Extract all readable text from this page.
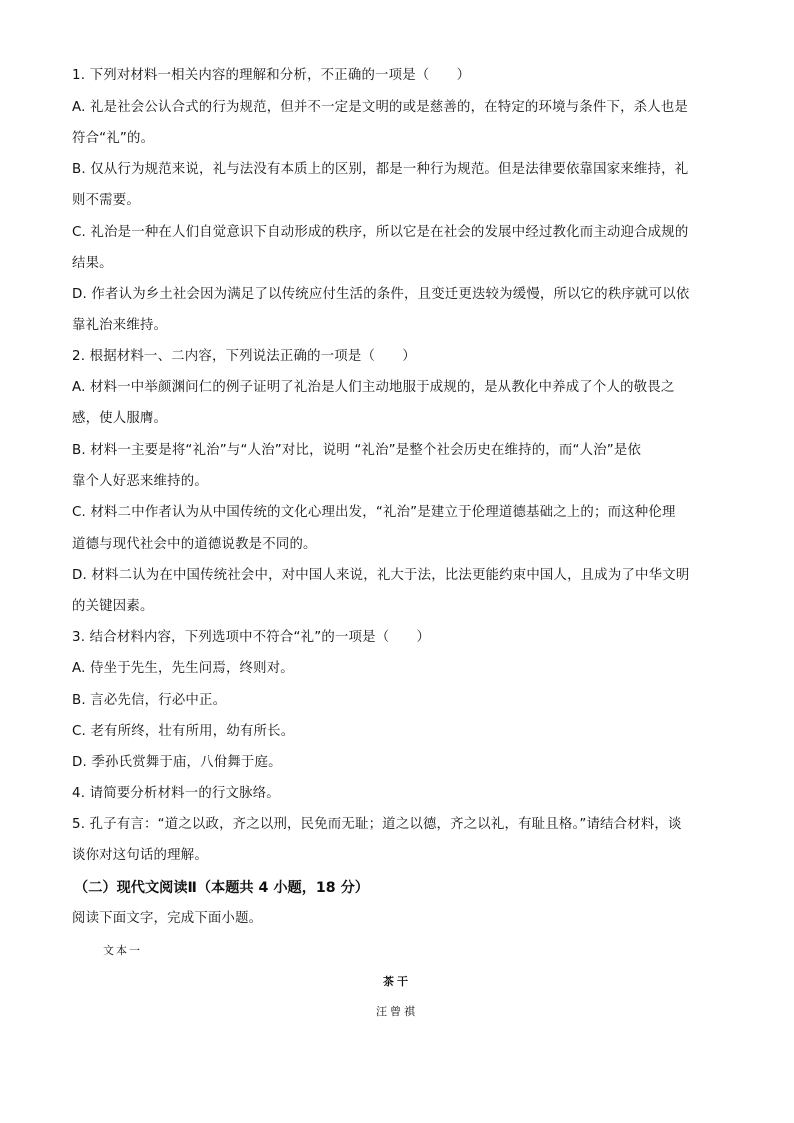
1. 下列对材料一相关内容的理解和分析，不正确的一项是（　　）
A. 礼是社会公认合式的行为规范，但并不一定是文明的或是慈善的，在特定的环境与条件下，杀人也是
符合“礼”的。
B. 仅从行为规范来说，礼与法没有本质上的区别，都是一种行为规范。但是法律要依靠国家来维持，礼
则不需要。
C. 礼治是一种在人们自觉意识下自动形成的秩序，所以它是在社会的发展中经过教化而主动迎合成规的
结果。
D. 作者认为乡土社会因为满足了以传统应付生活的条件，且变迁更迭较为缓慢，所以它的秩序就可以依
靠礼治来维持。
2. 根据材料一、二内容，下列说法正确的一项是（　　）
A. 材料一中举颜渊问仁的例子证明了礼治是人们主动地服于成规的，是从教化中养成了个人的敬畏之
感，使人服膺。
B. 材料一主要是将“礼治”与“人治”对比，说明 “礼治”是整个社会历史在维持的，而“人治”是依
靠个人好恶来维持的。
C. 材料二中作者认为从中国传统的文化心理出发，“礼治”是建立于伦理道德基础之上的；而这种伦理
道德与现代社会中的道德说教是不同的。
D. 材料二认为在中国传统社会中，对中国人来说，礼大于法，比法更能约束中国人，且成为了中华文明
的关键因素。
3. 结合材料内容，下列选项中不符合“礼”的一项是（　　）
A. 侍坐于先生，先生问焉，终则对。
B. 言必先信，行必中正。
C. 老有所终，壮有所用，幼有所长。
D. 季孙氏赏舞于庙，八佾舞于庭。
4. 请简要分析材料一的行文脉络。
5. 孔子有言：“道之以政，齐之以刑，民免而无耻；道之以德，齐之以礼，有耻且格。”请结合材料，谈
谈你对这句话的理解。
（二）现代文阅读Ⅱ（本题共 4 小题，18 分）
阅读下面文字，完成下面小题。
文本一
茶干
汪曾祺
